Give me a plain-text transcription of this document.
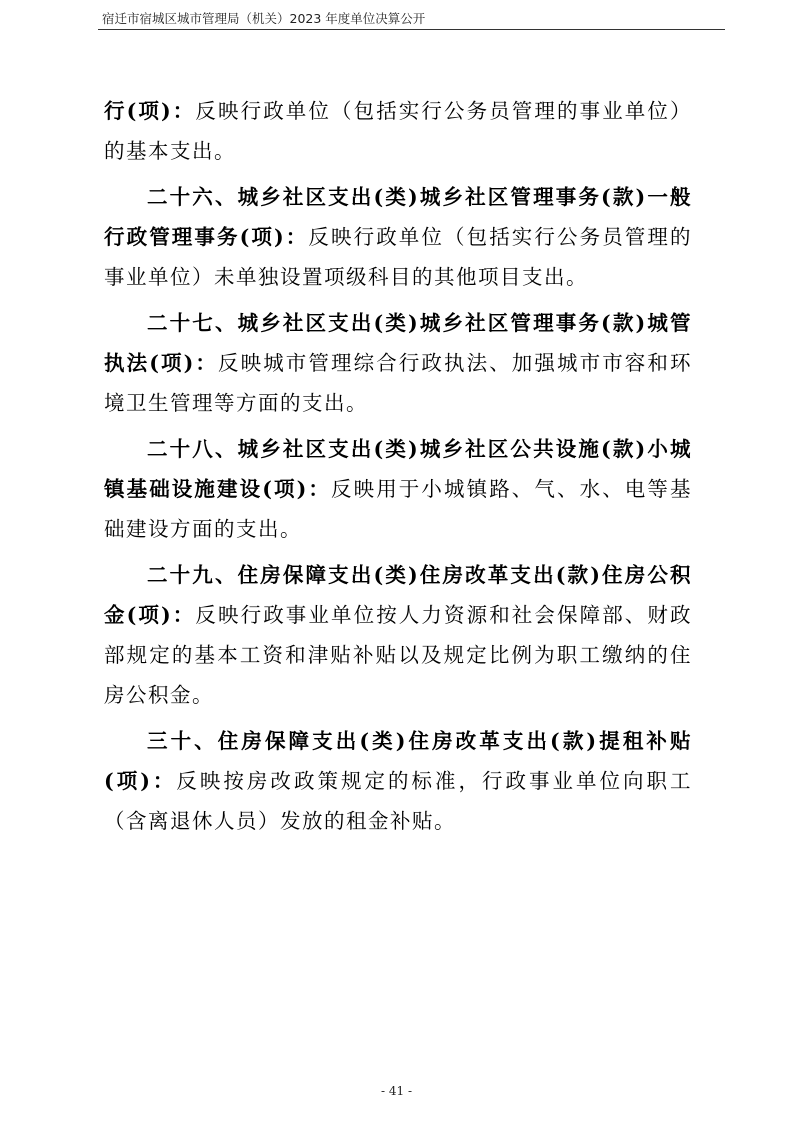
宿迁市宿城区城市管理局（机关）2023 年度单位决算公开

行(项)：反映行政单位（包括实行公务员管理的事业单位）的基本支出。

二十六、城乡社区支出(类)城乡社区管理事务(款)一般行政管理事务(项)：反映行政单位（包括实行公务员管理的事业单位）未单独设置项级科目的其他项目支出。

二十七、城乡社区支出(类)城乡社区管理事务(款)城管执法(项)：反映城市管理综合行政执法、加强城市市容和环境卫生管理等方面的支出。

二十八、城乡社区支出(类)城乡社区公共设施(款)小城镇基础设施建设(项)：反映用于小城镇路、气、水、电等基础建设方面的支出。

二十九、住房保障支出(类)住房改革支出(款)住房公积金(项)：反映行政事业单位按人力资源和社会保障部、财政部规定的基本工资和津贴补贴以及规定比例为职工缴纳的住房公积金。

三十、住房保障支出(类)住房改革支出(款)提租补贴(项)：反映按房改政策规定的标准，行政事业单位向职工（含离退休人员）发放的租金补贴。

- 41 -
